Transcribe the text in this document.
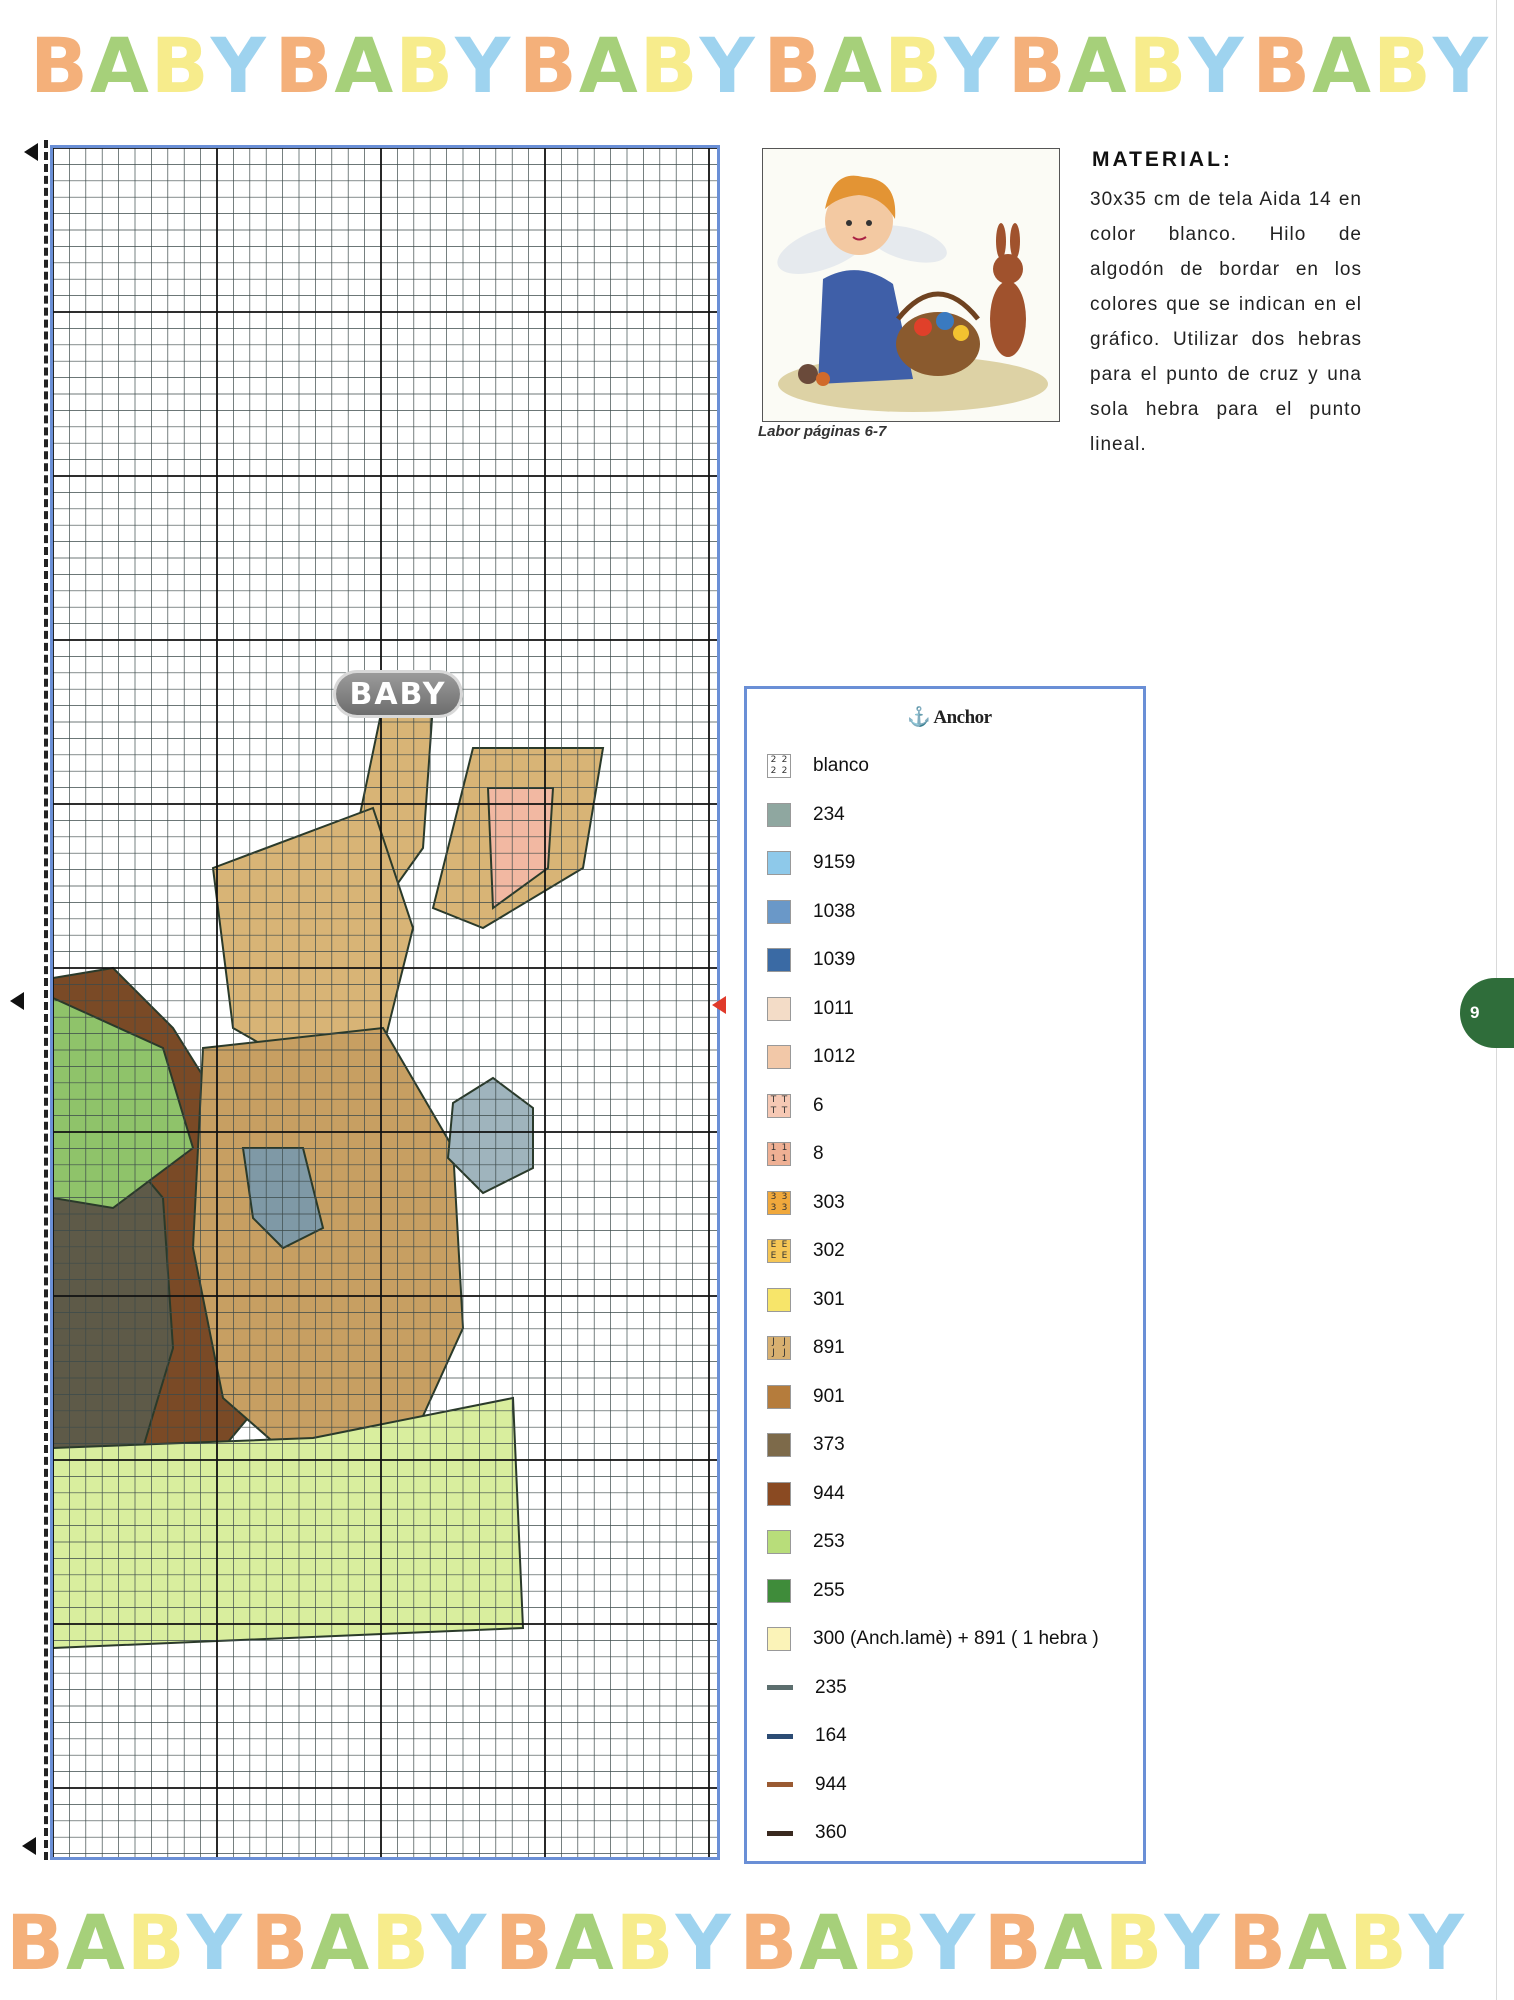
B A B Y B A B Y B A B Y B A B Y B A B Y B A B Y
BABY
Labor páginas 6-7
MATERIAL:
30x35 cm de tela Aida 14 en color blanco. Hilo de algodón de bordar en los colores que se indican en el gráfico. Utilizar dos hebras para el punto de cruz y una sola hebra para el punto lineal.
⚓ Anchor
2 2
2 2 blanco
234
9159
1038
1039
1011
1012
T T
T T 6
1 1
1 1 8
3 3
3 3 303
E E
E E 302
301
J J
J J 891
901
373
944
253
255
300 (Anch.lamè) + 891 ( 1 hebra )
235
164
944
360
9
B A B Y B A B Y B A B Y B A B Y B A B Y B A B Y
